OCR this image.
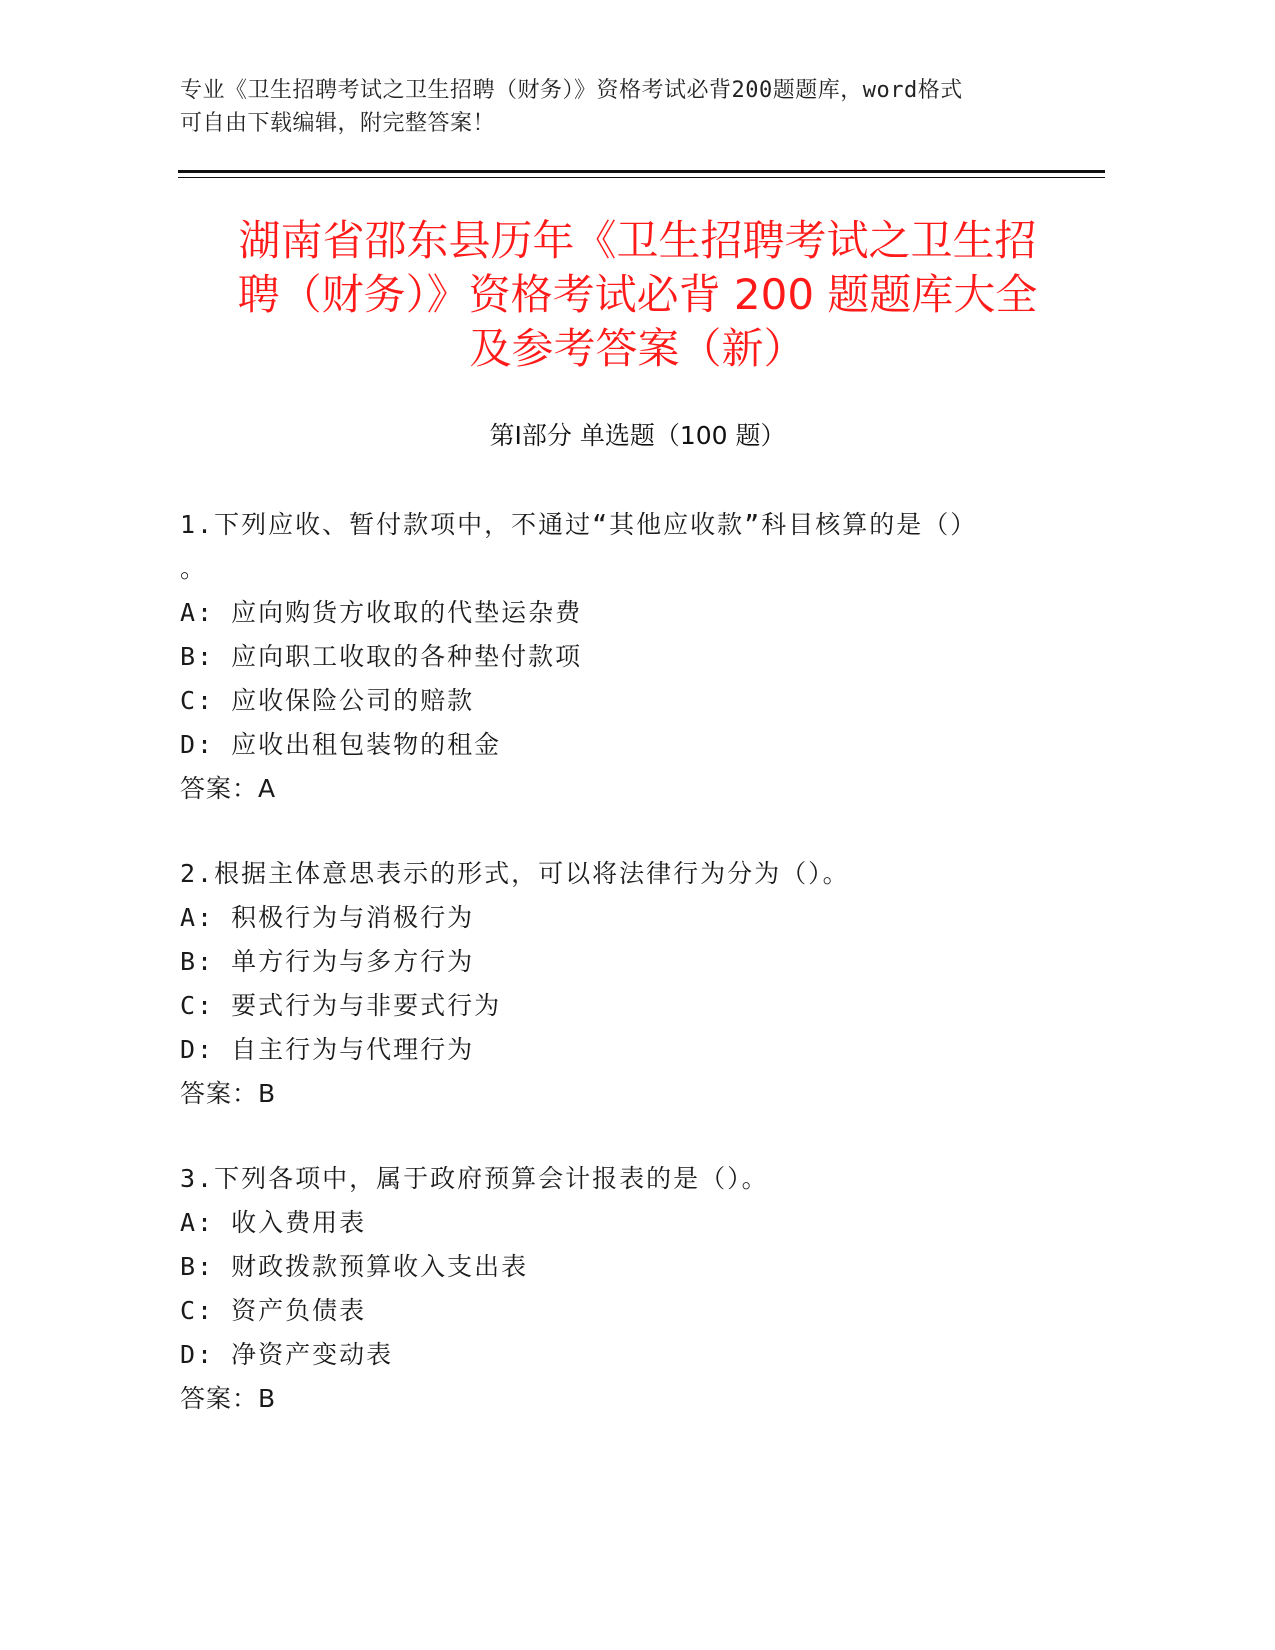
专业《卫生招聘考试之卫生招聘（财务）》资格考试必背200题题库，word格式
可自由下载编辑，附完整答案！
湖南省邵东县历年《卫生招聘考试之卫生招
聘（财务）》资格考试必背 200 题题库大全
及参考答案（新）
第Ⅰ部分 单选题（100 题）
1.下列应收、暂付款项中，不通过“其他应收款”科目核算的是（）
。
A: 应向购货方收取的代垫运杂费
B: 应向职工收取的各种垫付款项
C: 应收保险公司的赔款
D: 应收出租包装物的租金
答案：A
2.根据主体意思表示的形式，可以将法律行为分为（）。
A: 积极行为与消极行为
B: 单方行为与多方行为
C: 要式行为与非要式行为
D: 自主行为与代理行为
答案：B
3.下列各项中，属于政府预算会计报表的是（）。
A: 收入费用表
B: 财政拨款预算收入支出表
C: 资产负债表
D: 净资产变动表
答案：B
